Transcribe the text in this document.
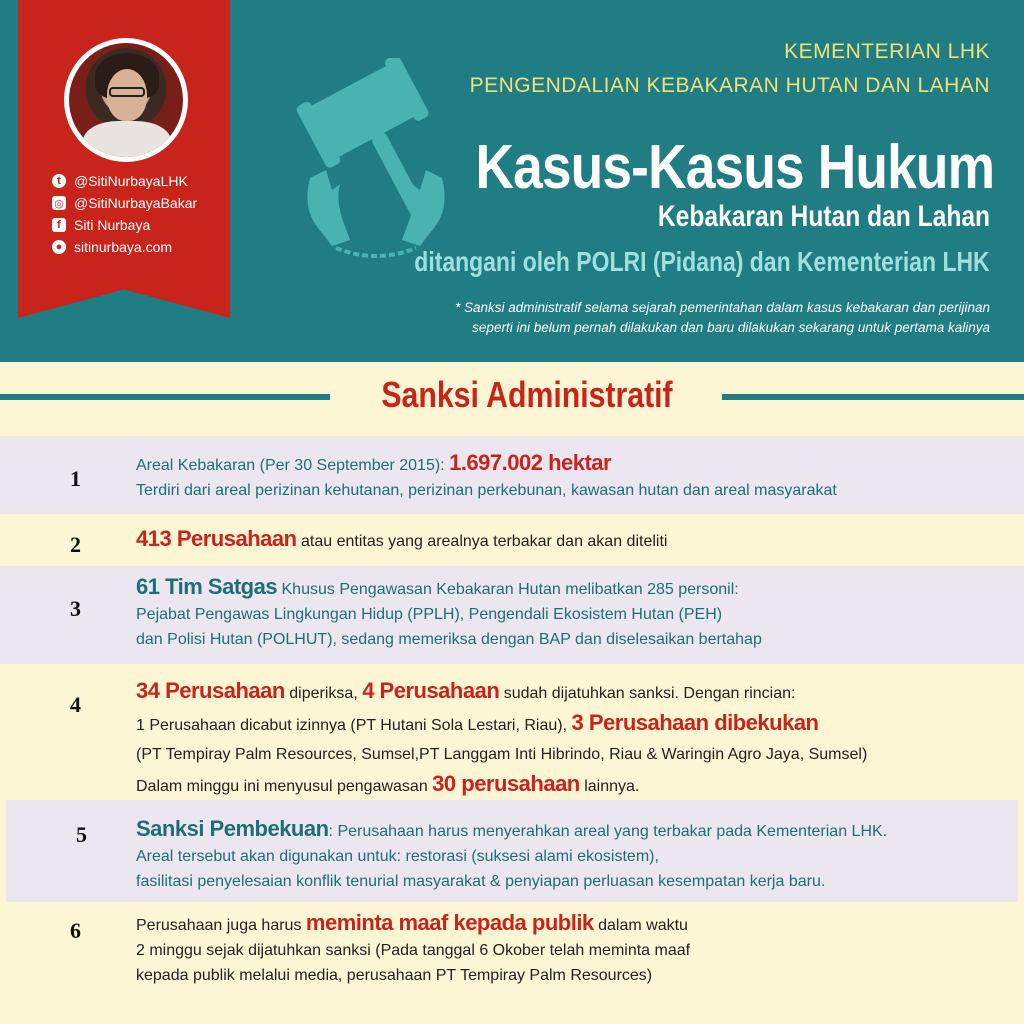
t @SitiNurbayaLHK
◎ @SitiNurbayaBakar
f Siti Nurbaya
● sitinurbaya.com
KEMENTERIAN LHK
PENGENDALIAN KEBAKARAN HUTAN DAN LAHAN
Kasus-Kasus Hukum
Kebakaran Hutan dan Lahan
ditangani oleh POLRI (Pidana) dan Kementerian LHK
* Sanksi administratif selama sejarah pemerintahan dalam kasus kebakaran dan perijinan
seperti ini belum pernah dilakukan dan baru dilakukan sekarang untuk pertama kalinya
Sanksi Administratif
1
Areal Kebakaran (Per 30 September 2015): 1.697.002 hektar
Terdiri dari areal perizinan kehutanan, perizinan perkebunan, kawasan hutan dan areal masyarakat
2	413 Perusahaan atau entitas yang arealnya terbakar dan akan diteliti
3
61 Tim Satgas Khusus Pengawasan Kebakaran Hutan melibatkan 285 personil:
Pejabat Pengawas Lingkungan Hidup (PPLH), Pengendali Ekosistem Hutan (PEH)
dan Polisi Hutan (POLHUT), sedang memeriksa dengan BAP dan diselesaikan bertahap
4
34 Perusahaan diperiksa, 4 Perusahaan sudah dijatuhkan sanksi. Dengan rincian:
1 Perusahaan dicabut izinnya (PT Hutani Sola Lestari, Riau), 3 Perusahaan dibekukan
(PT Tempiray Palm Resources, Sumsel,PT Langgam Inti Hibrindo, Riau & Waringin Agro Jaya, Sumsel)
Dalam minggu ini menyusul pengawasan 30 perusahaan lainnya.
5 Sanksi Pembekuan: Perusahaan harus menyerahkan areal yang terbakar pada Kementerian LHK.
Areal tersebut akan digunakan untuk: restorasi (suksesi alami ekosistem),
fasilitasi penyelesaian konflik tenurial masyarakat & penyiapan perluasan kesempatan kerja baru.
6	Perusahaan juga harus meminta maaf kepada publik dalam waktu
2 minggu sejak dijatuhkan sanksi (Pada tanggal 6 Okober telah meminta maaf
kepada publik melalui media, perusahaan PT Tempiray Palm Resources)
